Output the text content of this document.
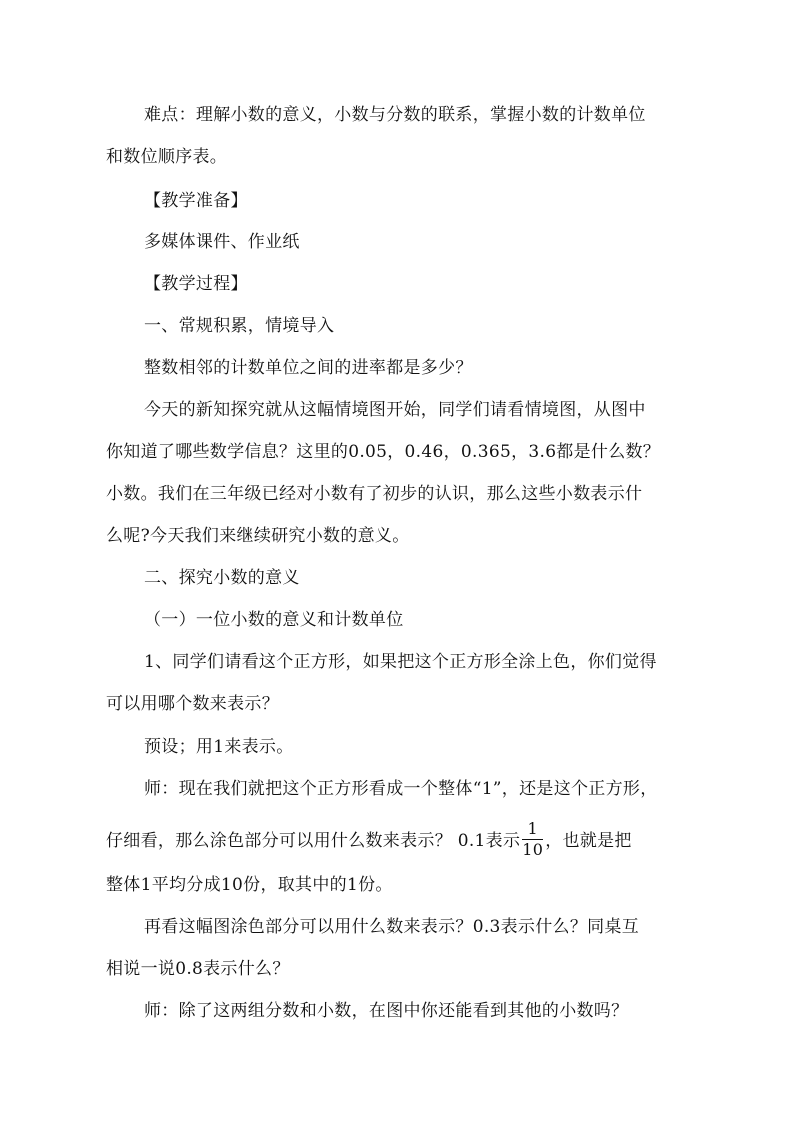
难点：理解小数的意义，小数与分数的联系，掌握小数的计数单位
和数位顺序表。
【教学准备】
多媒体课件、作业纸
【教学过程】
一、常规积累，情境导入
整数相邻的计数单位之间的进率都是多少？
今天的新知探究就从这幅情境图开始，同学们请看情境图，从图中
你知道了哪些数学信息？这里的0.05，0.46，0.365，3.6都是什么数？
小数。我们在三年级已经对小数有了初步的认识，那么这些小数表示什
么呢?今天我们来继续研究小数的意义。
二、探究小数的意义
（一）一位小数的意义和计数单位
1、同学们请看这个正方形，如果把这个正方形全涂上色，你们觉得
可以用哪个数来表示？
预设；用1来表示。
师：现在我们就把这个正方形看成一个整体“1”，还是这个正方形，
仔细看，那么涂色部分可以用什么数来表示？ 0.1表示 $\frac{1}{10}$ ，也就是把
整体1平均分成10份，取其中的1份。
再看这幅图涂色部分可以用什么数来表示？0.3表示什么？同桌互
相说一说0.8表示什么？
师：除了这两组分数和小数，在图中你还能看到其他的小数吗？
